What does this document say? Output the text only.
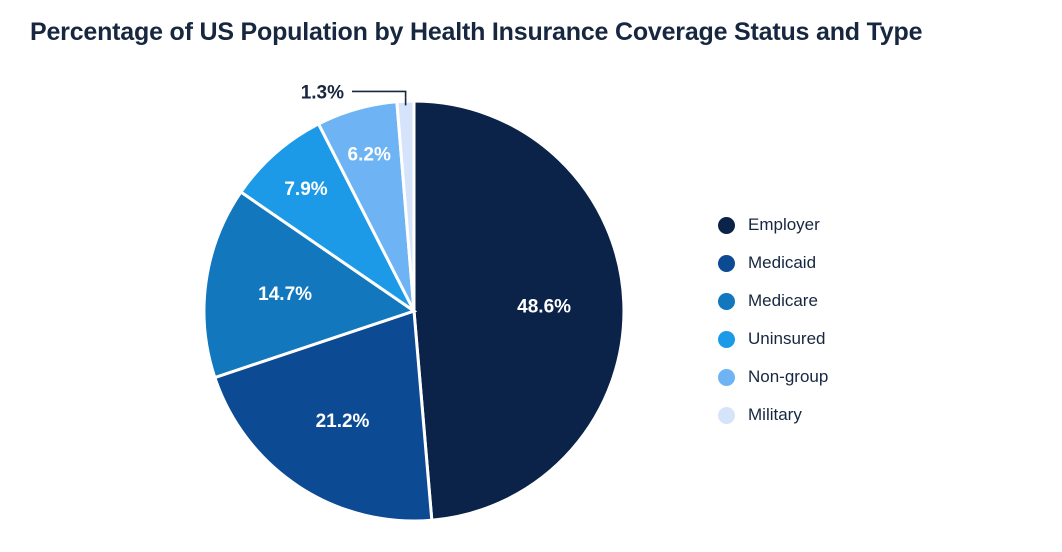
Percentage of US Population by Health Insurance Coverage Status and Type
48.6%
21.2%
14.7%
7.9%
6.2%
1.3%
Employer
Medicaid
Medicare
Uninsured
Non-group
Military
